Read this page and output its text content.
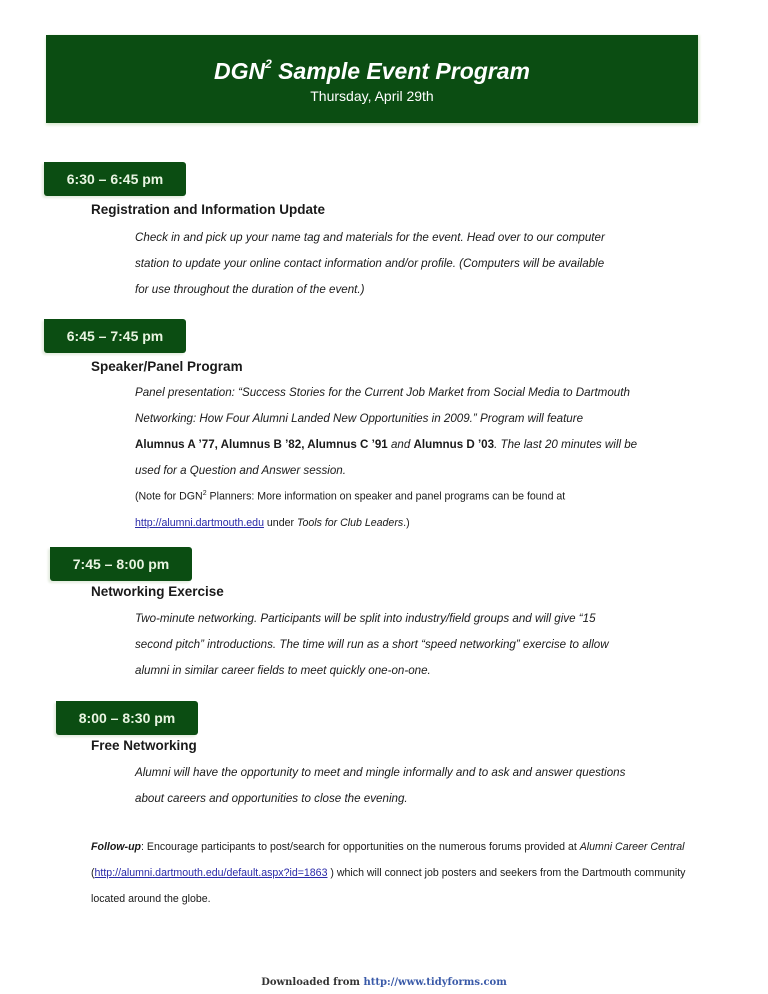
DGN$^2$ Sample Event Program
Thursday, April 29th
6:30 – 6:45 pm
Registration and Information Update
Check in and pick up your name tag and materials for the event. Head over to our computer
station to update your online contact information and/or profile. (Computers will be available
for use throughout the duration of the event.)
6:45 – 7:45 pm
Speaker/Panel Program
Panel presentation: “Success Stories for the Current Job Market from Social Media to Dartmouth
Networking: How Four Alumni Landed New Opportunities in 2009.” Program will feature
Alumnus A ’77, Alumnus B ’82, Alumnus C ’91 and Alumnus D ’03. The last 20 minutes will be
used for a Question and Answer session.
(Note for DGN$^2$ Planners: More information on speaker and panel programs can be found at
http://alumni.dartmouth.edu under Tools for Club Leaders.)
7:45 – 8:00 pm
Networking Exercise
Two-minute networking. Participants will be split into industry/field groups and will give “15
second pitch” introductions. The time will run as a short “speed networking” exercise to allow
alumni in similar career fields to meet quickly one-on-one.
8:00 – 8:30 pm
Free Networking
Alumni will have the opportunity to meet and mingle informally and to ask and answer questions
about careers and opportunities to close the evening.
Follow-up: Encourage participants to post/search for opportunities on the numerous forums provided at Alumni Career Central (http://alumni.dartmouth.edu/default.aspx?id=1863 ) which will connect job posters and seekers from the Dartmouth community located around the globe.
Downloaded from http://www.tidyforms.com
